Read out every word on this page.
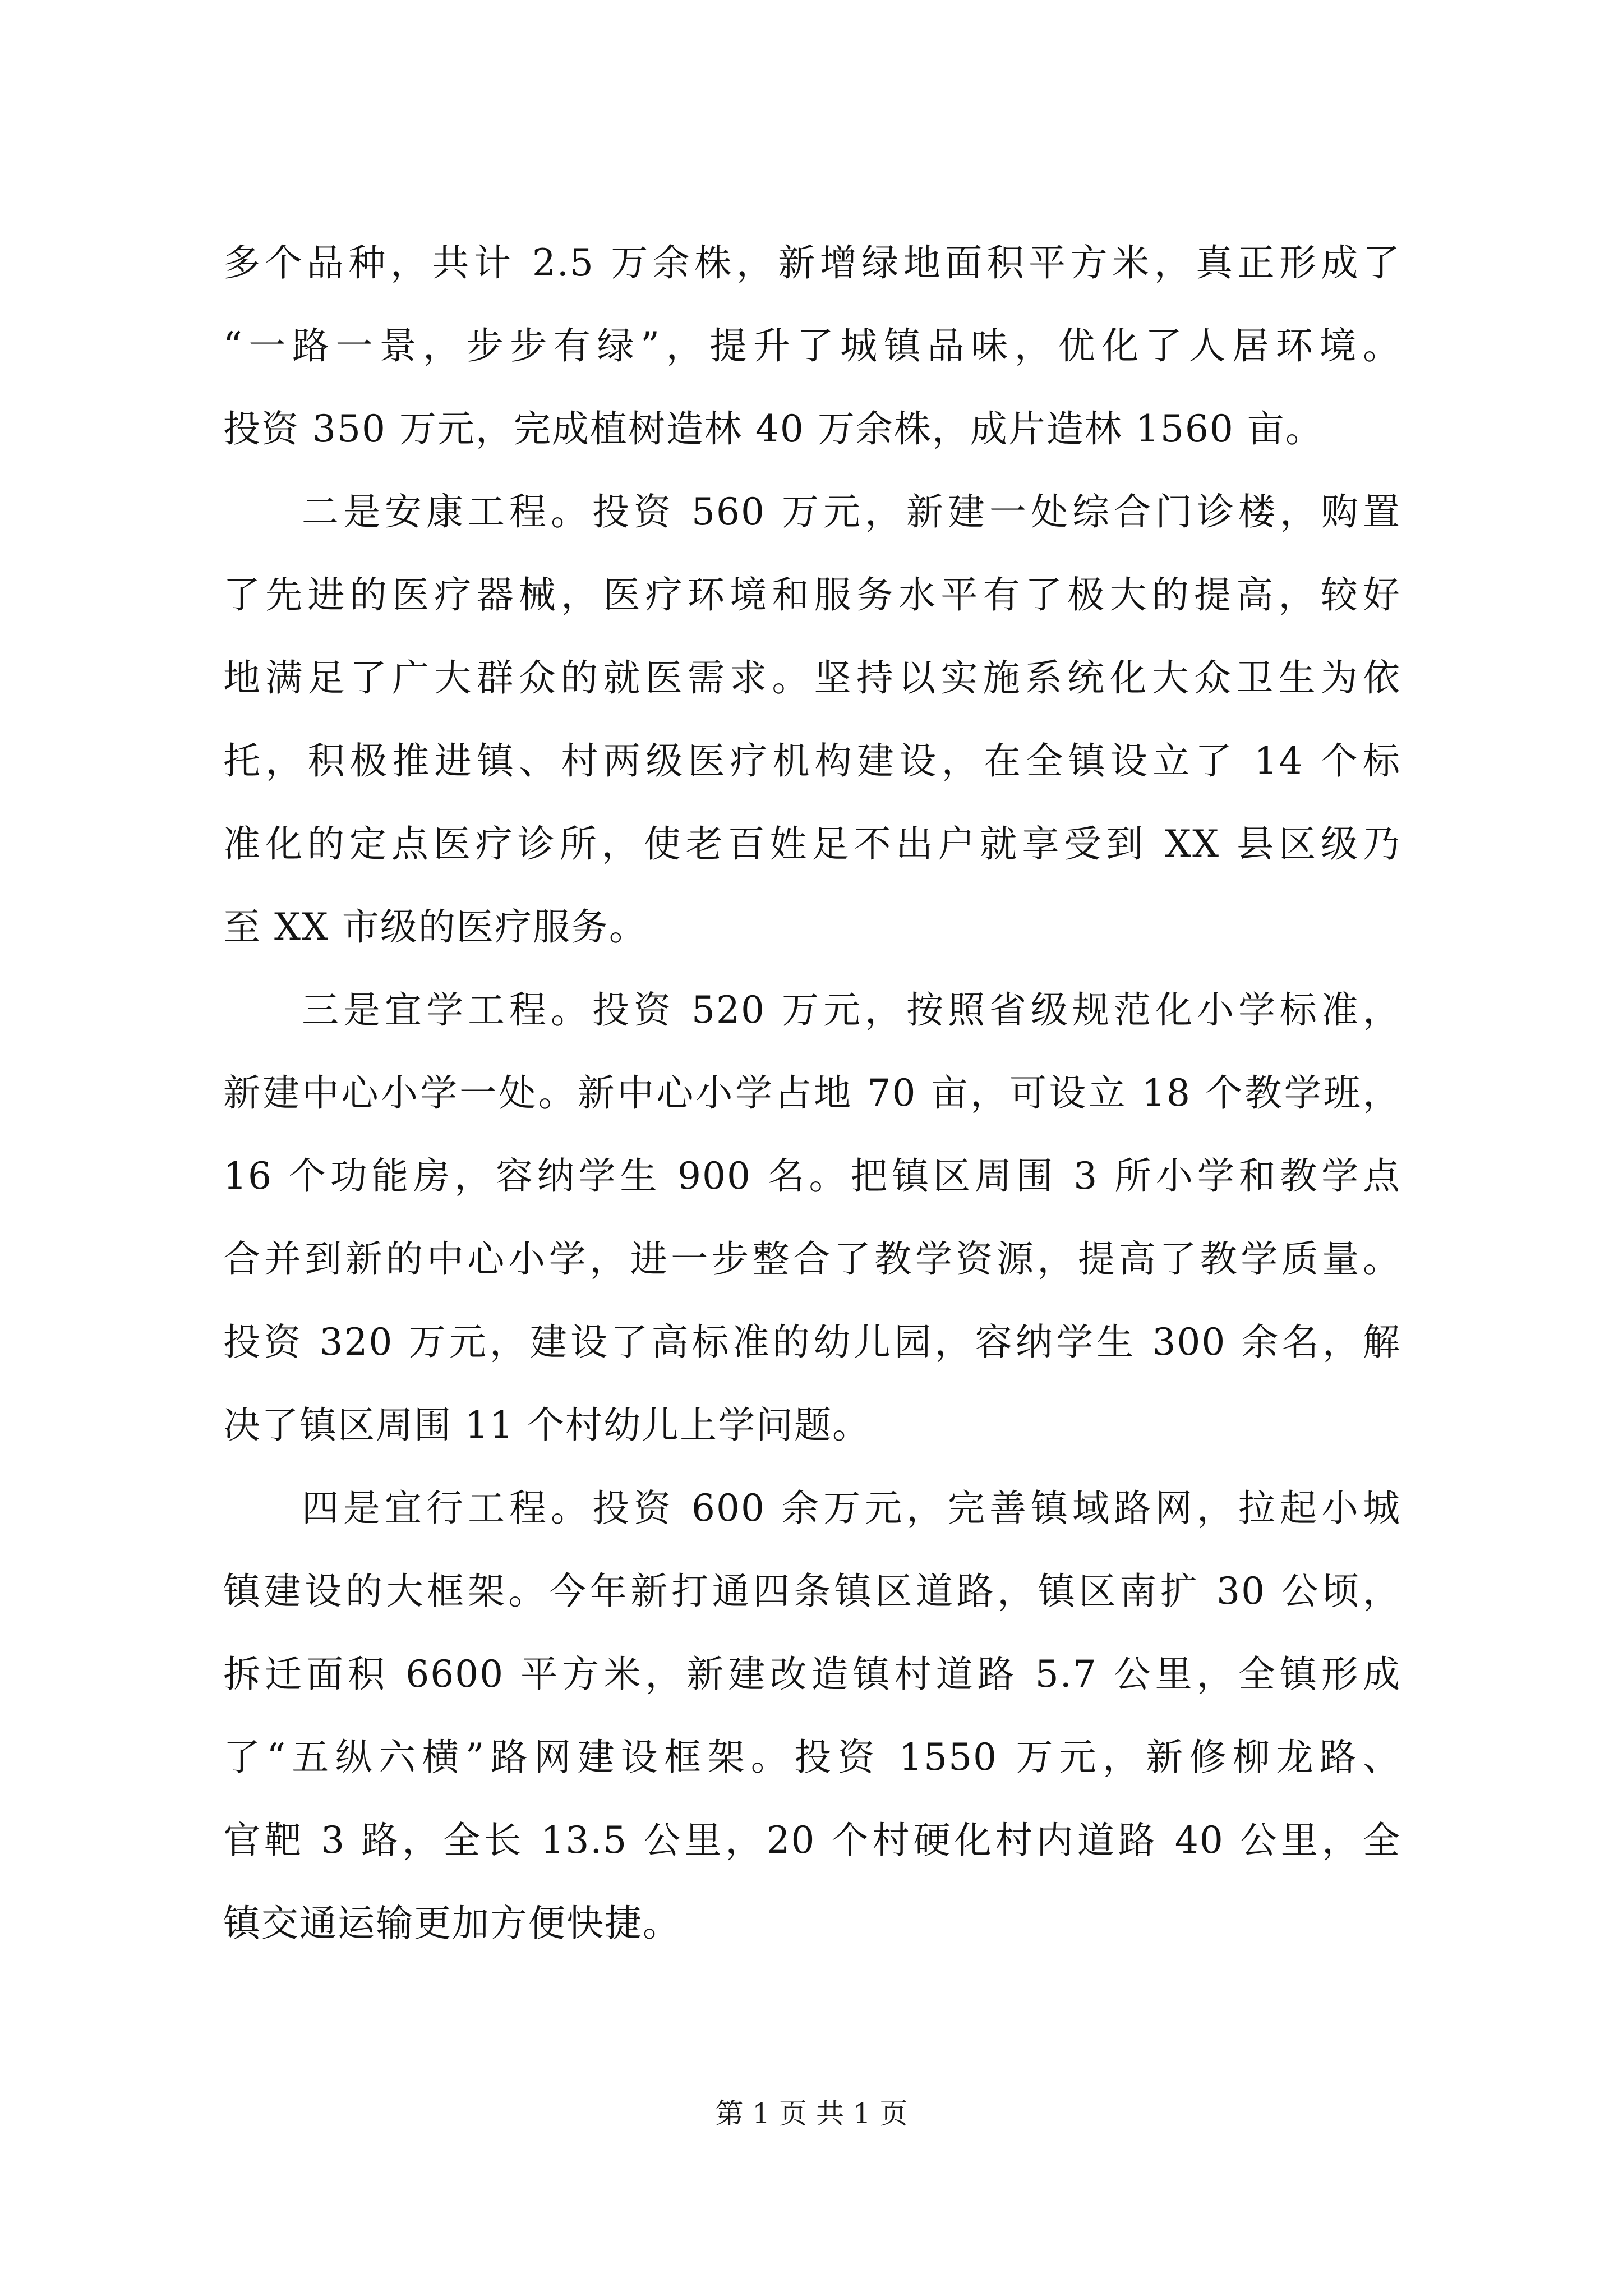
多个品种，共计 2.5 万余株，新增绿地面积平方米，真正形成了
“一路一景，步步有绿”，提升了城镇品味，优化了人居环境。
投资 350 万元，完成植树造林 40 万余株，成片造林 1560 亩。

二是安康工程。投资 560 万元，新建一处综合门诊楼，购置
了先进的医疗器械，医疗环境和服务水平有了极大的提高，较好
地满足了广大群众的就医需求。坚持以实施系统化大众卫生为依
托，积极推进镇、村两级医疗机构建设，在全镇设立了 14 个标
准化的定点医疗诊所，使老百姓足不出户就享受到 XX 县区级乃
至 XX 市级的医疗服务。

三是宜学工程。投资 520 万元，按照省级规范化小学标准，
新建中心小学一处。新中心小学占地 70 亩，可设立 18 个教学班，
16 个功能房，容纳学生 900 名。把镇区周围 3 所小学和教学点
合并到新的中心小学，进一步整合了教学资源，提高了教学质量。
投资 320 万元，建设了高标准的幼儿园，容纳学生 300 余名，解
决了镇区周围 11 个村幼儿上学问题。

四是宜行工程。投资 600 余万元，完善镇域路网，拉起小城
镇建设的大框架。今年新打通四条镇区道路，镇区南扩 30 公顷，
拆迁面积 6600 平方米，新建改造镇村道路 5.7 公里，全镇形成
了“五纵六横”路网建设框架。投资 1550 万元，新修柳龙路、
官靶 3 路，全长 13.5 公里，20 个村硬化村内道路 40 公里，全
镇交通运输更加方便快捷。

第 1 页 共 1 页
